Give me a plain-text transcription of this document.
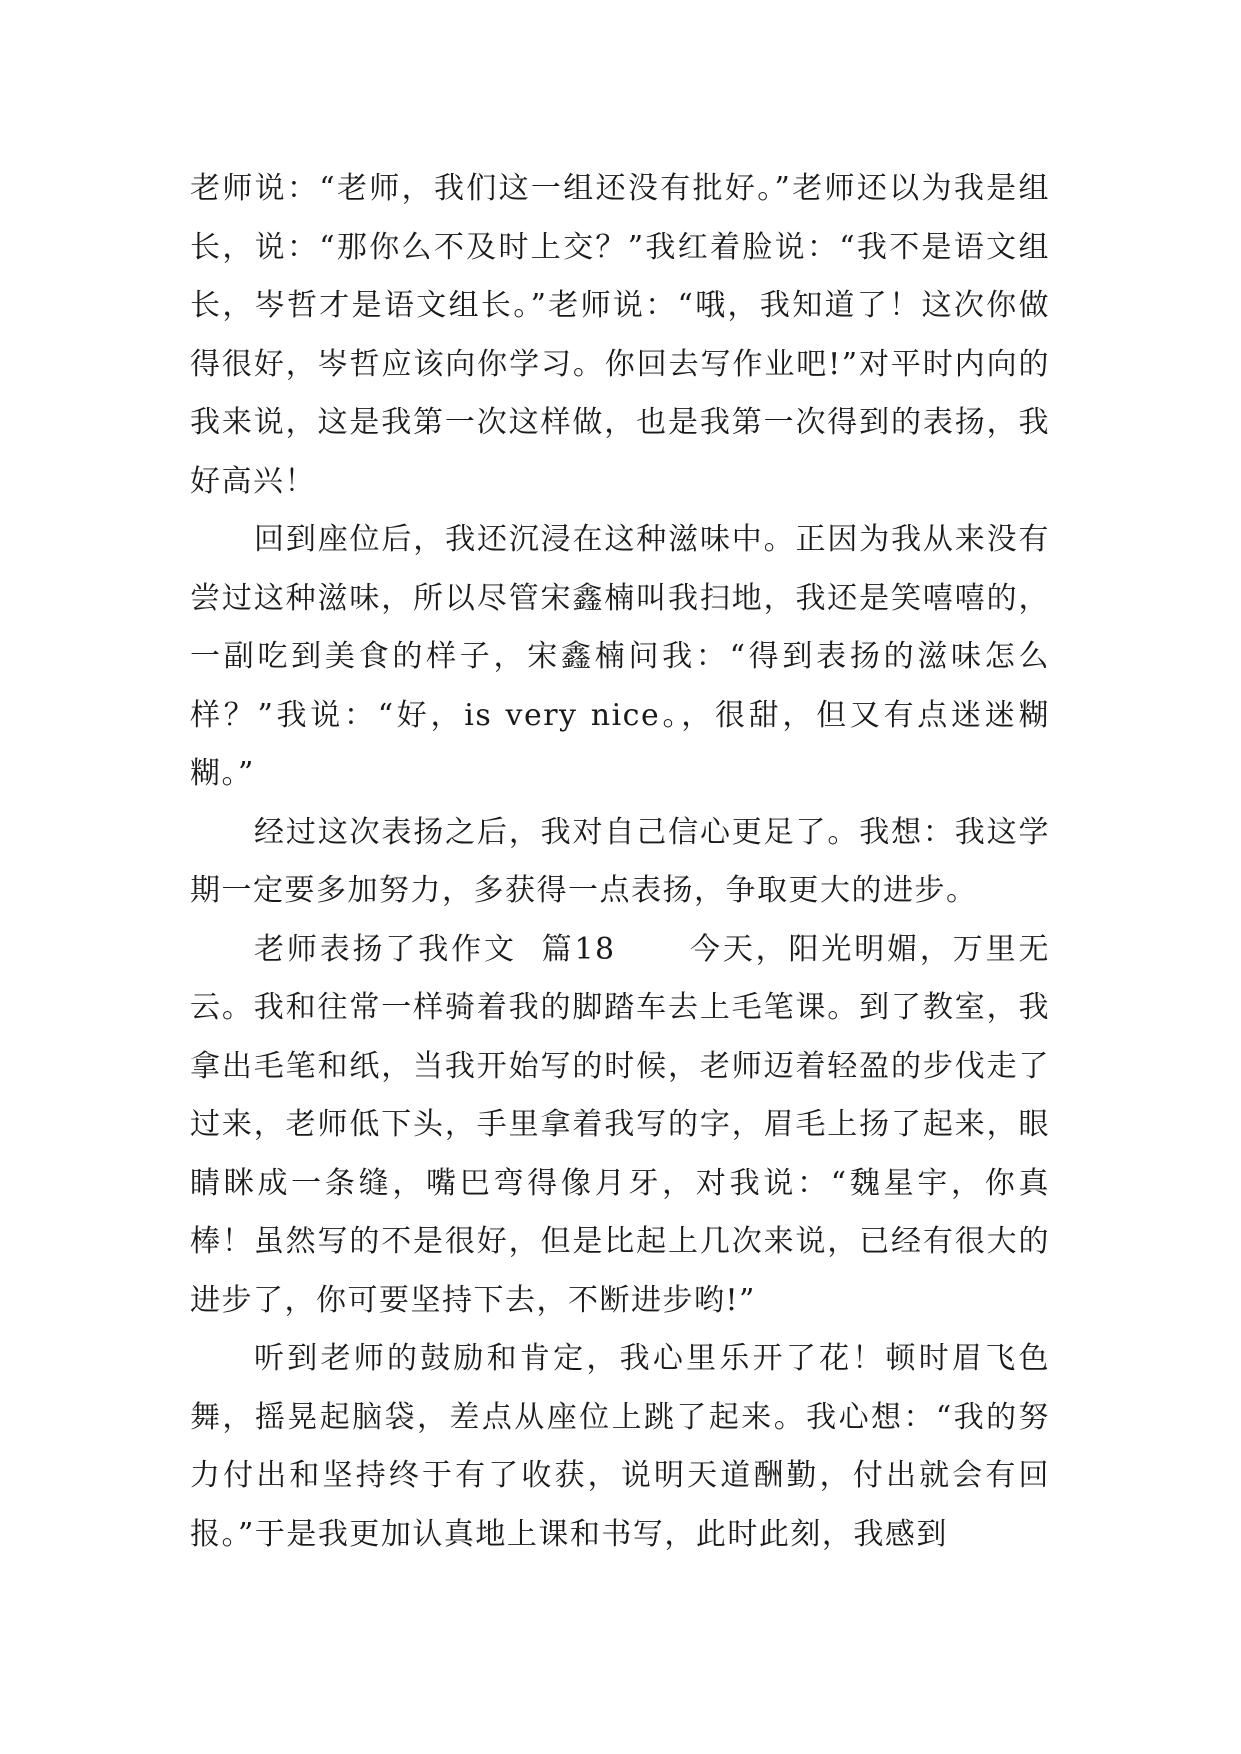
老师说：“老师，我们这一组还没有批好。”老师还以为我是组长，说：“那你么不及时上交？”我红着脸说：“我不是语文组长，岑哲才是语文组长。”老师说：“哦，我知道了！这次你做得很好，岑哲应该向你学习。你回去写作业吧!”对平时内向的我来说，这是我第一次这样做，也是我第一次得到的表扬，我好高兴！

回到座位后，我还沉浸在这种滋味中。正因为我从来没有尝过这种滋味，所以尽管宋鑫楠叫我扫地，我还是笑嘻嘻的，一副吃到美食的样子，宋鑫楠问我：“得到表扬的滋味怎么样？”我说：“好，is very nice。，很甜，但又有点迷迷糊糊。”

经过这次表扬之后，我对自己信心更足了。我想：我这学期一定要多加努力，多获得一点表扬，争取更大的进步。

老师表扬了我作文  篇18      今天，阳光明媚，万里无云。我和往常一样骑着我的脚踏车去上毛笔课。到了教室，我拿出毛笔和纸，当我开始写的时候，老师迈着轻盈的步伐走了过来，老师低下头，手里拿着我写的字，眉毛上扬了起来，眼睛眯成一条缝，嘴巴弯得像月牙，对我说：“魏星宇，你真棒！虽然写的不是很好，但是比起上几次来说，已经有很大的进步了，你可要坚持下去，不断进步哟!”

听到老师的鼓励和肯定，我心里乐开了花！顿时眉飞色舞，摇晃起脑袋，差点从座位上跳了起来。我心想：“我的努力付出和坚持终于有了收获，说明天道酬勤，付出就会有回报。”于是我更加认真地上课和书写，此时此刻，我感到
